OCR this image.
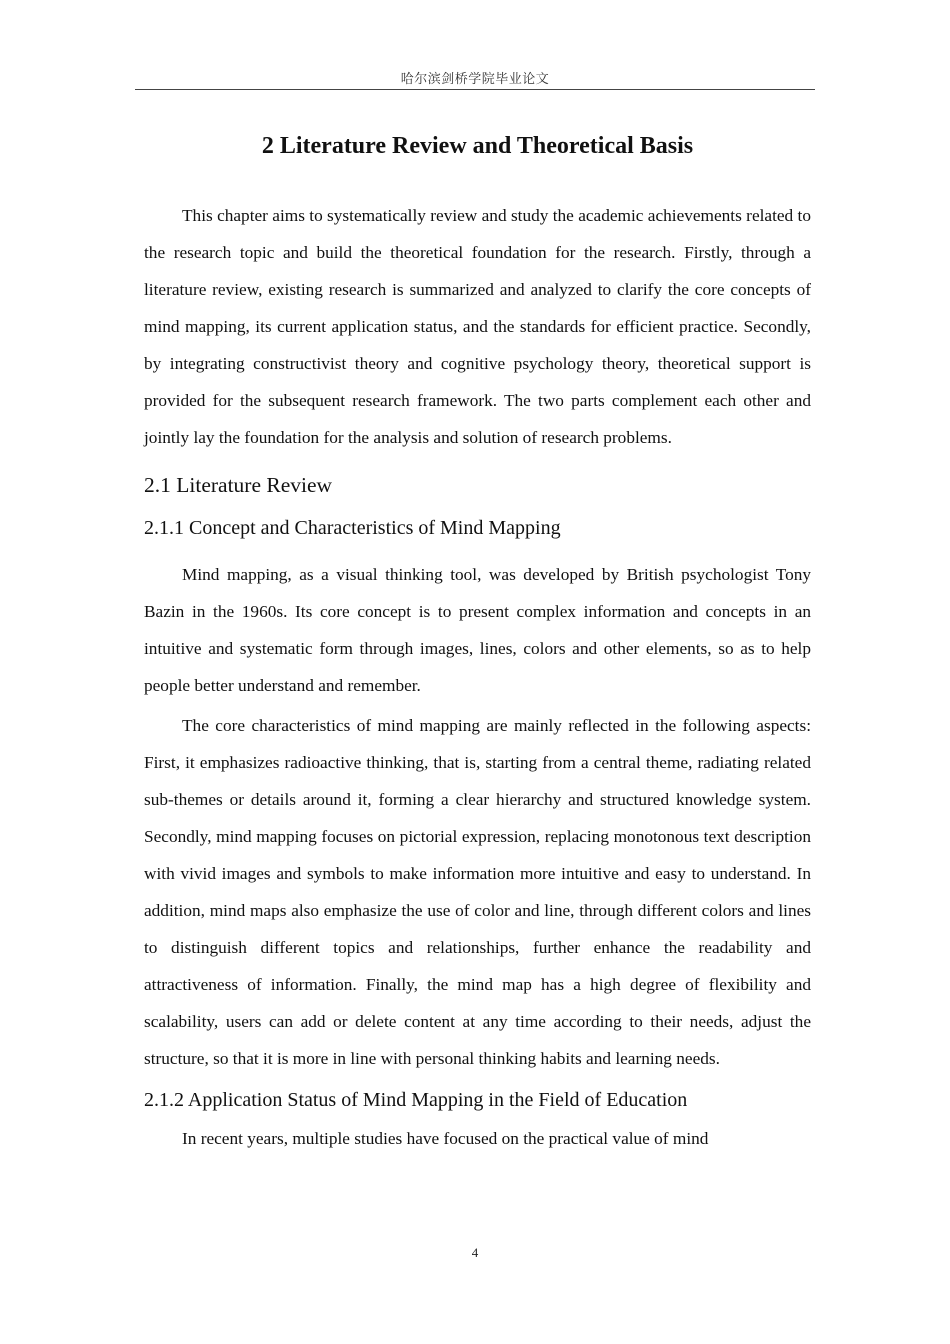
哈尔滨剑桥学院毕业论文
2 Literature Review and Theoretical Basis

This chapter aims to systematically review and study the academic achievements related to the research topic and build the theoretical foundation for the research. Firstly, through a literature review, existing research is summarized and analyzed to clarify the core concepts of mind mapping, its current application status, and the standards for efficient practice. Secondly, by integrating constructivist theory and cognitive psychology theory, theoretical support is provided for the subsequent research framework. The two parts complement each other and jointly lay the foundation for the analysis and solution of research problems.

2.1 Literature Review
2.1.1 Concept and Characteristics of Mind Mapping

Mind mapping, as a visual thinking tool, was developed by British psychologist Tony Bazin in the 1960s. Its core concept is to present complex information and concepts in an intuitive and systematic form through images, lines, colors and other elements, so as to help people better understand and remember.

The core characteristics of mind mapping are mainly reflected in the following aspects: First, it emphasizes radioactive thinking, that is, starting from a central theme, radiating related sub-themes or details around it, forming a clear hierarchy and structured knowledge system. Secondly, mind mapping focuses on pictorial expression, replacing monotonous text description with vivid images and symbols to make information more intuitive and easy to understand. In addition, mind maps also emphasize the use of color and line, through different colors and lines to distinguish different topics and relationships, further enhance the readability and attractiveness of information. Finally, the mind map has a high degree of flexibility and scalability, users can add or delete content at any time according to their needs, adjust the structure, so that it is more in line with personal thinking habits and learning needs.

2.1.2 Application Status of Mind Mapping in the Field of Education

In recent years, multiple studies have focused on the practical value of mind

4
